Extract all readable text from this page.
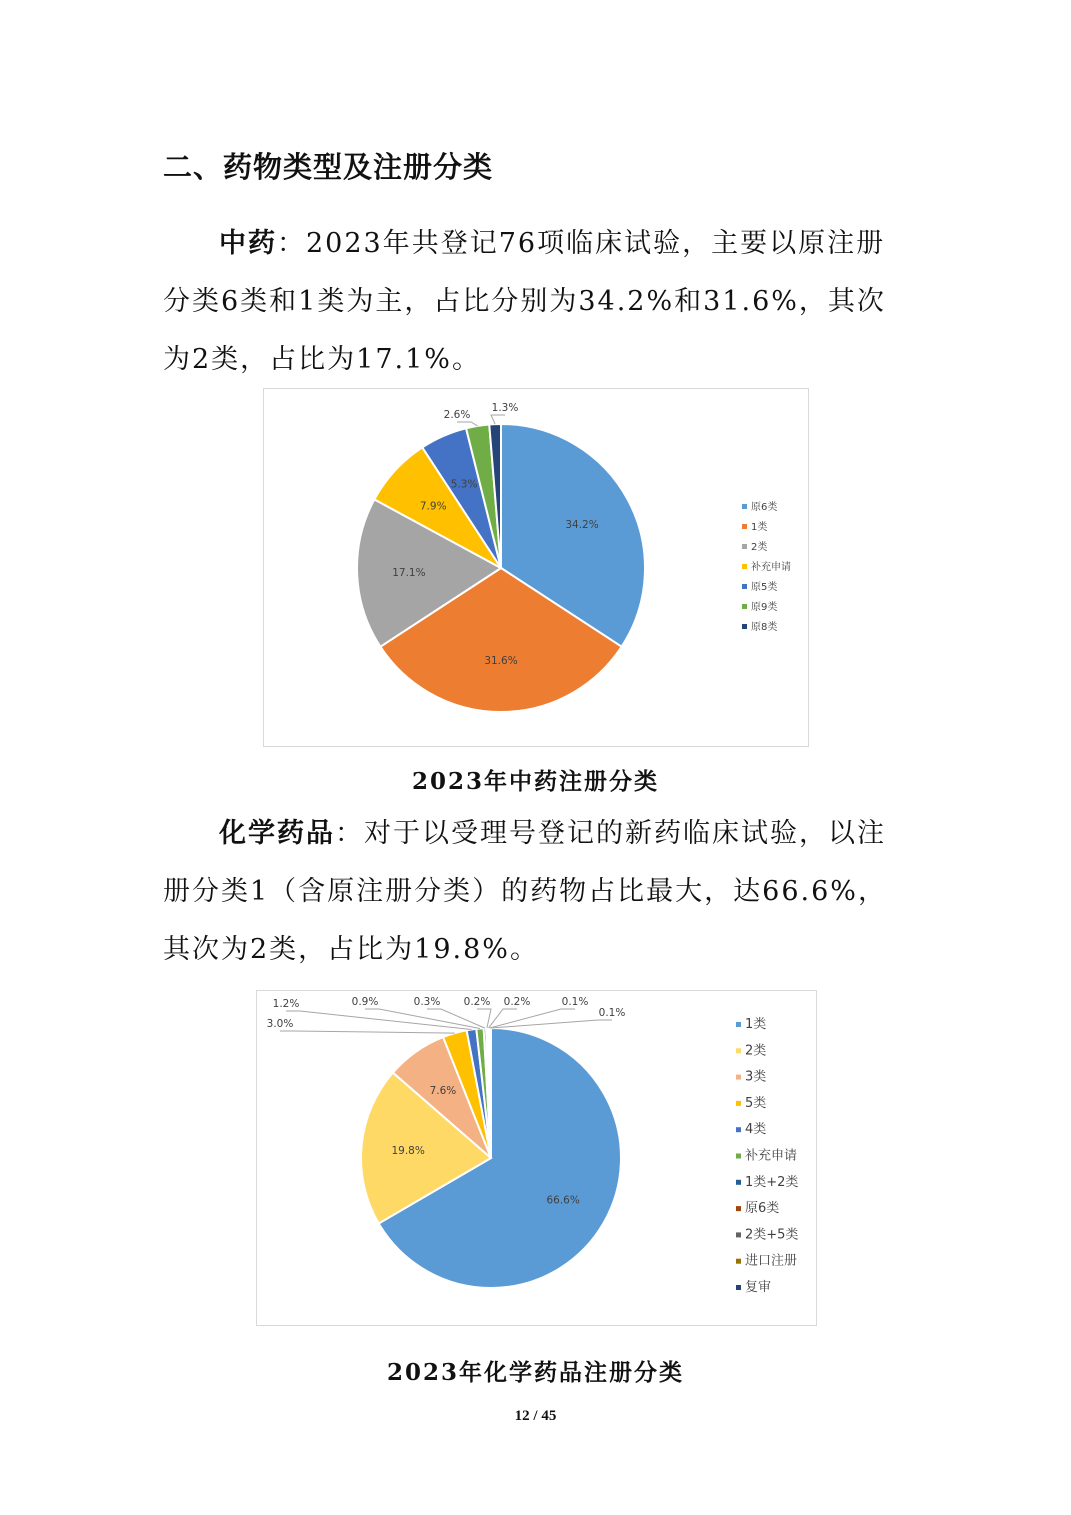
二、药物类型及注册分类

中药：2023年共登记76项临床试验，主要以原注册分类6类和1类为主，占比分别为34.2%和31.6%，其次为2类，占比为17.1%。

34.2%
31.6%
17.1%
7.9%
5.3%
2.6%
1.3%
原6类
1类
2类
补充申请
原5类
原9类
原8类
2023年中药注册分类

化学药品：对于以受理号登记的新药临床试验，以注册分类1（含原注册分类）的药物占比最大，达66.6%，其次为2类，占比为19.8%。

66.6%
19.8%
7.6%
3.0%
1.2%	0.9%	0.3% 0.2% 0.2%	0.1%
0.1%
1类
2类
3类
5类
4类
补充申请
1类+2类
原6类
2类+5类
进口注册
复审
2023年化学药品注册分类
12 / 45
